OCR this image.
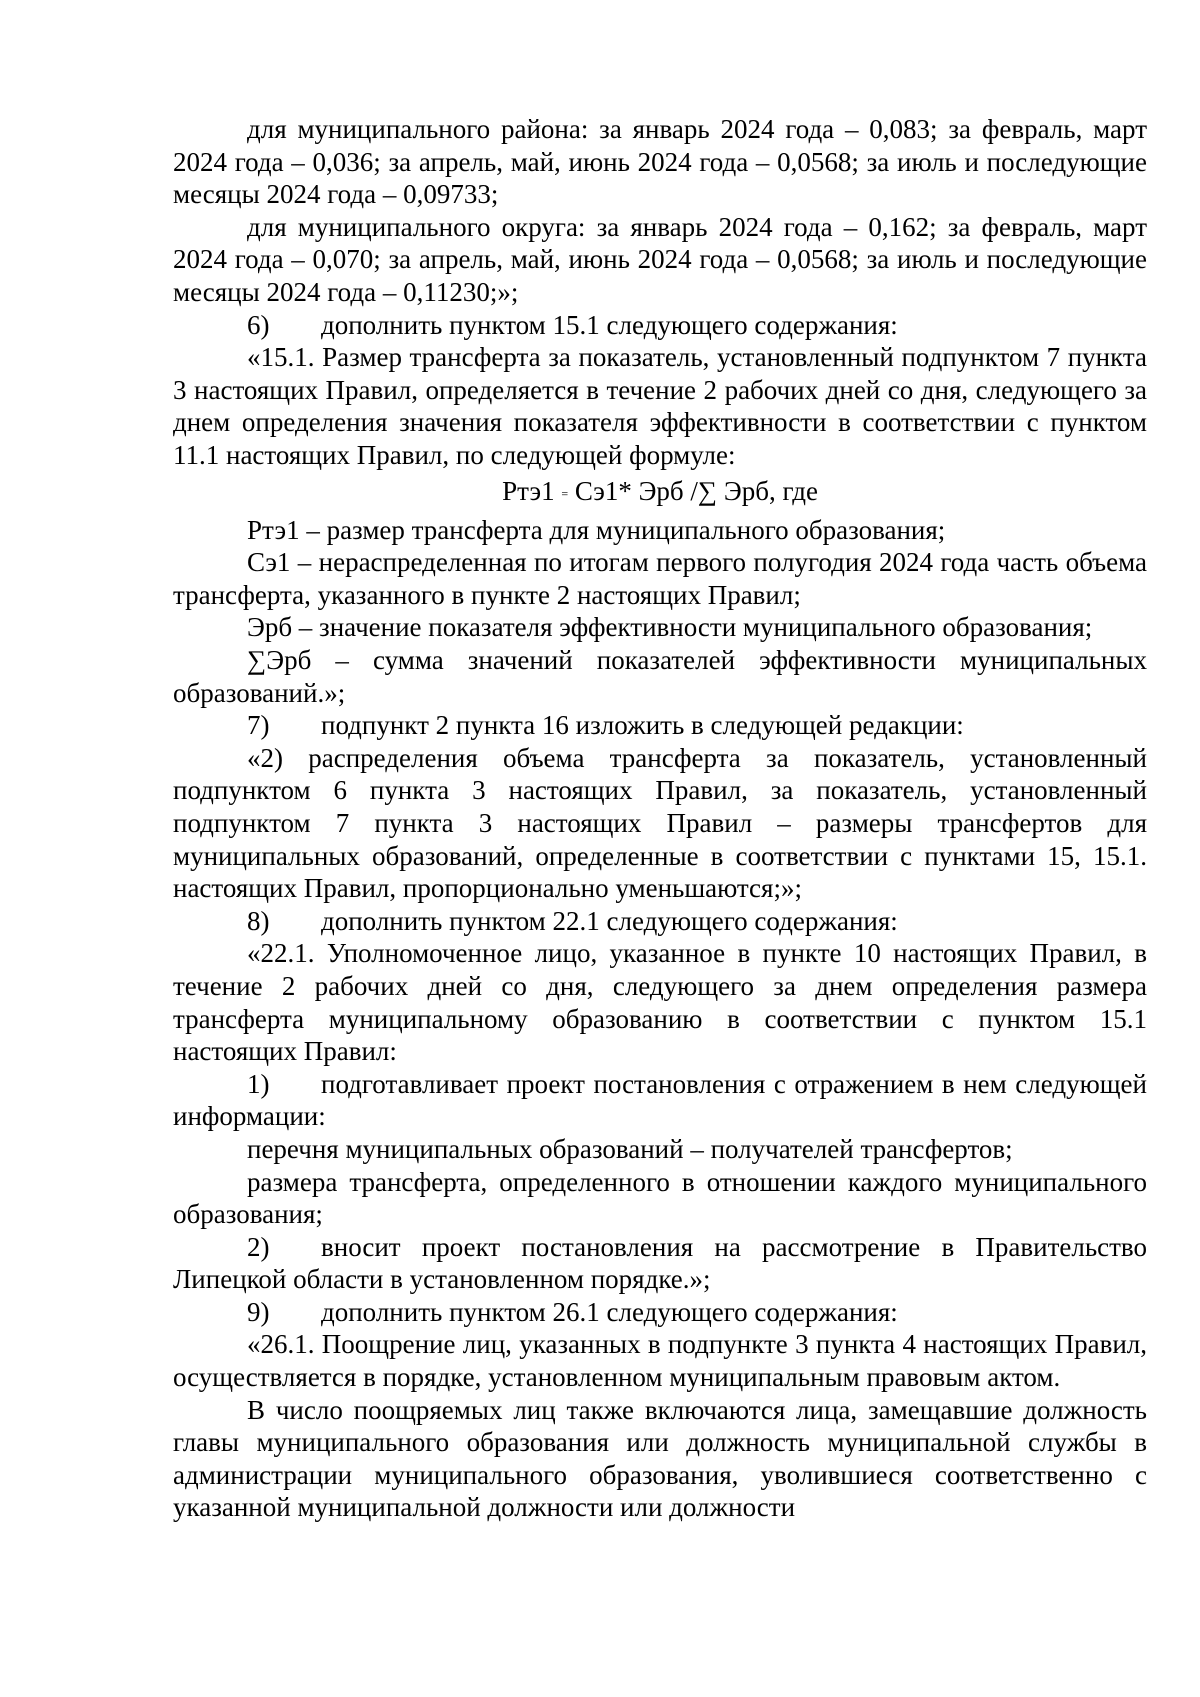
для муниципального района: за январь 2024 года – 0,083; за февраль, март 2024 года – 0,036; за апрель, май, июнь 2024 года – 0,0568; за июль и последующие месяцы 2024 года – 0,09733;

для муниципального округа: за январь 2024 года – 0,162; за февраль, март 2024 года – 0,070; за апрель, май, июнь 2024 года – 0,0568; за июль и последующие месяцы 2024 года – 0,11230;»;

6)	дополнить пунктом 15.1 следующего содержания:

«15.1. Размер трансферта за показатель, установленный подпунктом 7 пункта 3 настоящих Правил, определяется в течение 2 рабочих дней со дня, следующего за днем определения значения показателя эффективности в соответствии с пунктом 11.1 настоящих Правил, по следующей формуле:

Ртэ1 = Сэ1* Эрб /∑ Эрб, где

Ртэ1 – размер трансферта для муниципального образования;

Сэ1 – нераспределенная по итогам первого полугодия 2024 года часть объема трансферта, указанного в пункте 2 настоящих Правил;

Эрб – значение показателя эффективности муниципального образования;

∑Эрб – сумма значений показателей эффективности муниципальных образований.»;

7)	подпункт 2 пункта 16 изложить в следующей редакции:

«2) распределения объема трансферта за показатель, установленный подпунктом 6 пункта 3 настоящих Правил, за показатель, установленный подпунктом 7 пункта 3 настоящих Правил – размеры трансфертов для муниципальных образований, определенные в соответствии с пунктами 15, 15.1. настоящих Правил, пропорционально уменьшаются;»;

8)	дополнить пунктом 22.1 следующего содержания:

«22.1. Уполномоченное лицо, указанное в пункте 10 настоящих Правил, в течение 2 рабочих дней со дня, следующего за днем определения размера трансферта муниципальному образованию в соответствии с пунктом 15.1 настоящих Правил:

1) подготавливает проект постановления с отражением в нем следующей информации:

перечня муниципальных образований – получателей трансфертов;

размера трансферта, определенного в отношении каждого муниципального образования;

2) вносит проект постановления на рассмотрение в Правительство Липецкой области в установленном порядке.»;

9)	дополнить пунктом 26.1 следующего содержания:

«26.1. Поощрение лиц, указанных в подпункте 3 пункта 4 настоящих Правил, осуществляется в порядке, установленном муниципальным правовым актом.

В число поощряемых лиц также включаются лица, замещавшие должность главы муниципального образования или должность муниципальной службы в администрации муниципального образования, уволившиеся соответственно с указанной муниципальной должности или должности
